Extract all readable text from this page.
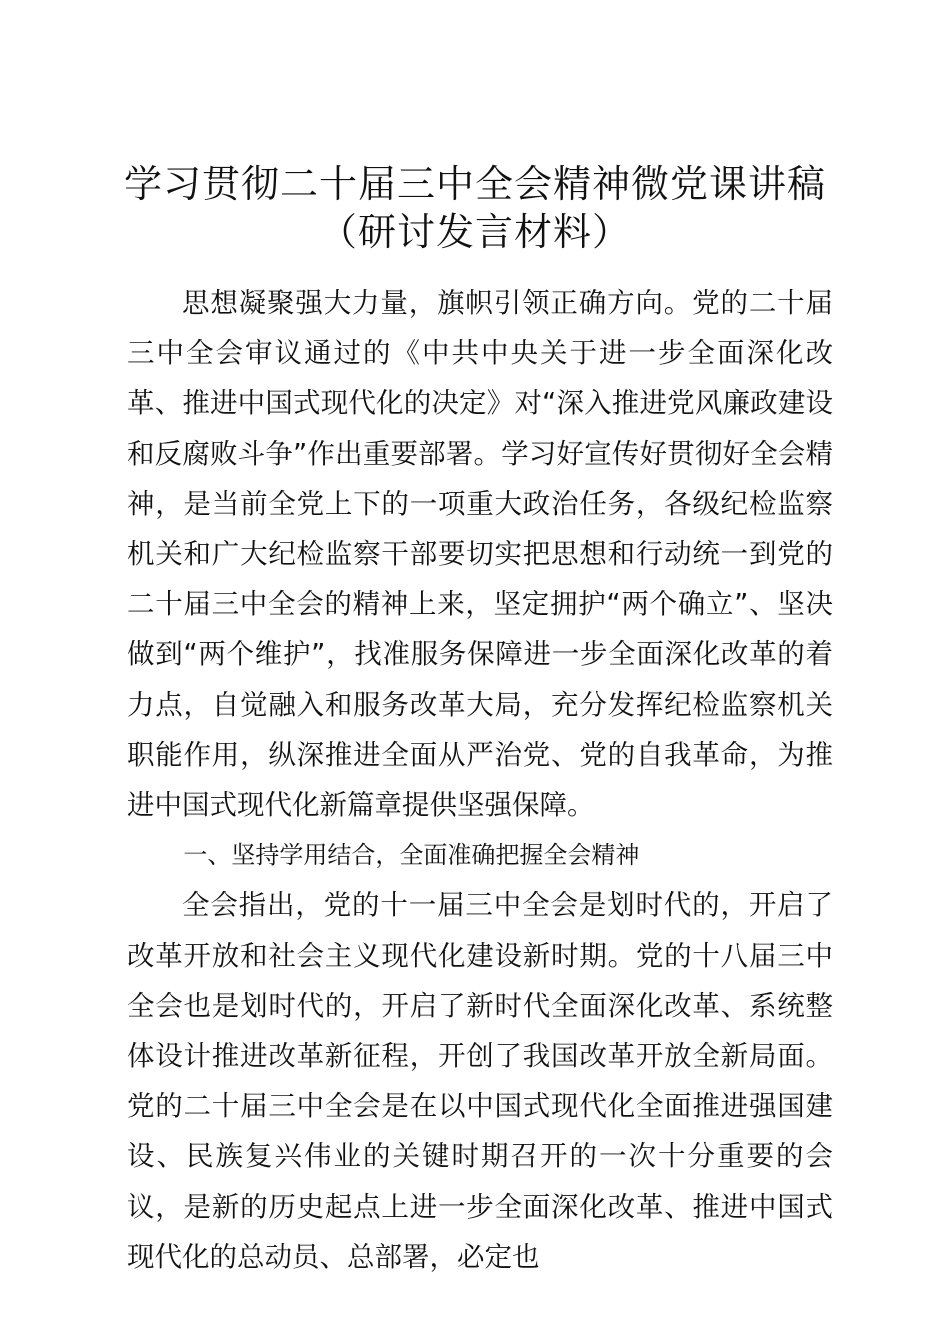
学习贯彻二十届三中全会精神微党课讲稿（研讨发言材料）

思想凝聚强大力量，旗帜引领正确方向。党的二十届三中全会审议通过的《中共中央关于进一步全面深化改革、推进中国式现代化的决定》对“深入推进党风廉政建设和反腐败斗争”作出重要部署。学习好宣传好贯彻好全会精神，是当前全党上下的一项重大政治任务，各级纪检监察机关和广大纪检监察干部要切实把思想和行动统一到党的二十届三中全会的精神上来，坚定拥护“两个确立”、坚决做到“两个维护”，找准服务保障进一步全面深化改革的着力点，自觉融入和服务改革大局，充分发挥纪检监察机关职能作用，纵深推进全面从严治党、党的自我革命，为推进中国式现代化新篇章提供坚强保障。

一、坚持学用结合，全面准确把握全会精神

全会指出，党的十一届三中全会是划时代的，开启了改革开放和社会主义现代化建设新时期。党的十八届三中全会也是划时代的，开启了新时代全面深化改革、系统整体设计推进改革新征程，开创了我国改革开放全新局面。党的二十届三中全会是在以中国式现代化全面推进强国建设、民族复兴伟业的关键时期召开的一次十分重要的会议，是新的历史起点上进一步全面深化改革、推进中国式现代化的总动员、总部署，必定也
